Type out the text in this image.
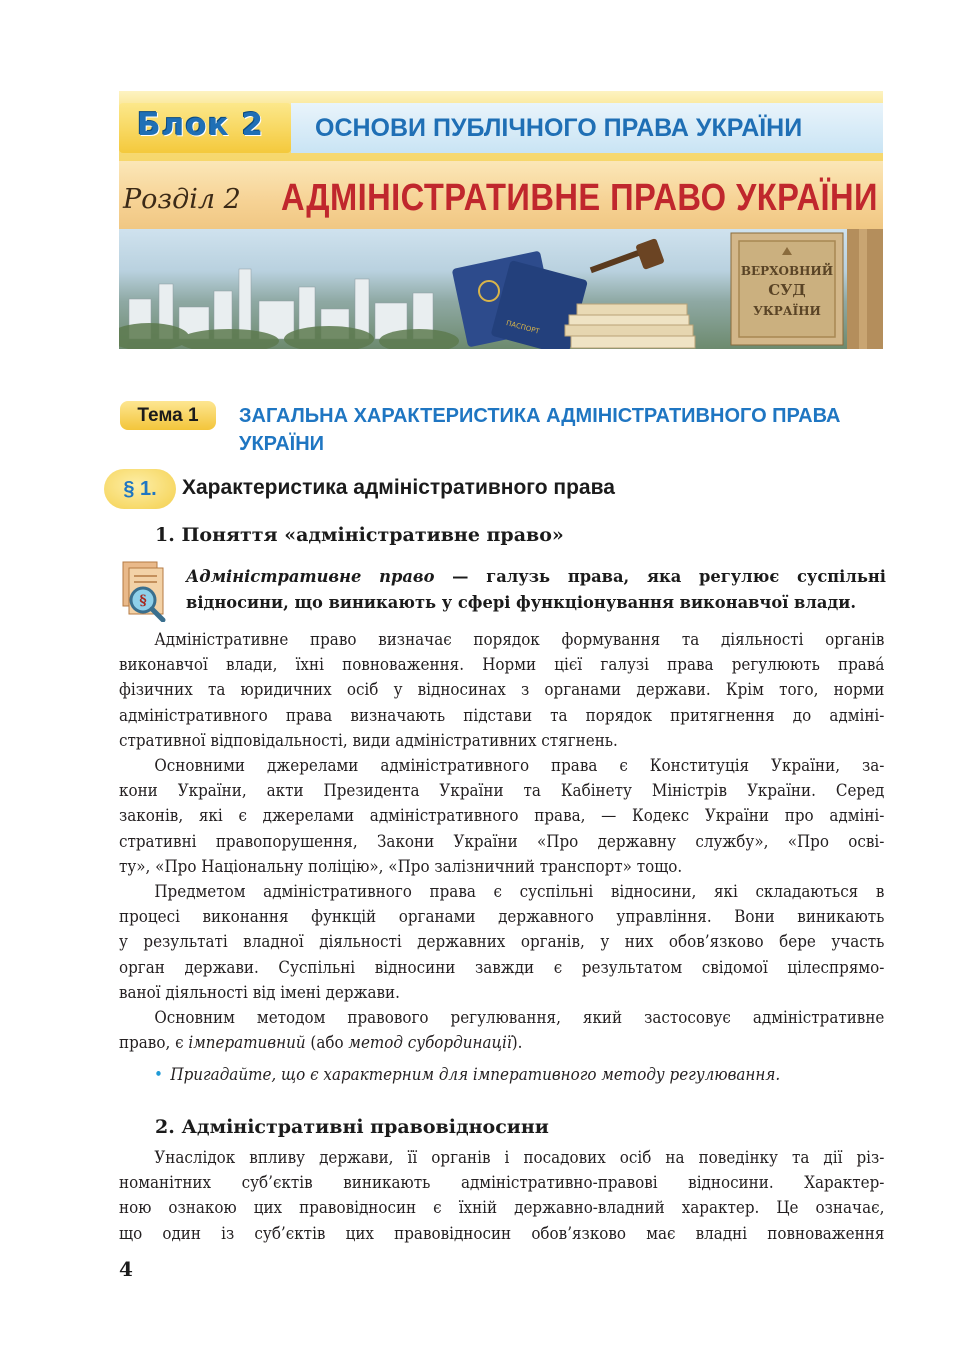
Блок 2 ОСНОВИ ПУБЛІЧНОГО ПРАВА УКРАЇНИ
Розділ 2 АДМІНІСТРАТИВНЕ ПРАВО УКРАЇНИ
ПАСПОРТ
ВЕРХОВНИЙ
СУД
УКРАЇНИ
Тема 1	ЗАГАЛЬНА ХАРАКТЕРИСТИКА АДМІНІСТРАТИВНОГО ПРАВА УКРАЇНИ
§ 1.	Характеристика адміністративного права
1. Поняття «адміністративне право»
§
Адміністративне право — галузь права, яка регулює суспільні відносини, що виникають у сфері функціонування виконавчої влади.
Адміністративне право визначає порядок формування та діяльності органів
виконавчої влади, їхні повноваження. Норми цієї галузі права регулюють права́
фізичних та юридичних осіб у відносинах з органами держави. Крім того, норми
адміністративного права визначають підстави та порядок притягнення до адміні-
стративної відповідальності, види адміністративних стягнень.
Основними джерелами адміністративного права є Конституція України, за-
кони України, акти Президента України та Кабінету Міністрів України. Серед
законів, які є джерелами адміністративного права, — Кодекс України про адміні-
стративні правопорушення, Закони України «Про державну службу», «Про освi-
ту», «Про Національну поліцію», «Про залізничний транспорт» тощо.
Предметом адміністративного права є суспільні відносини, які складаються в
процесі виконання функцій органами державного управління. Вони виникають
у результаті владної діяльності державних органів, у них обов’язково бере участь
орган держави. Суспільні відносини завжди є результатом свідомої цілеспрямо-
ваної діяльності від імені держави.
Основним методом правового регулювання, який застосовує адміністративне
право, є імперативний (або метод субординації).
• Пригадайте, що є характерним для імперативного методу регулювання.
2. Адміністративні правовідносини
Унаслідок впливу держави, її органів і посадових осіб на поведінку та дії різ-
номанітних суб’єктів виникають адміністративно-правові відносини. Характер-
ною ознакою цих правовідносин є їхній державно-владний характер. Це означає,
що один із суб’єктів цих правовідносин обов’язково має владні повноваження
4
